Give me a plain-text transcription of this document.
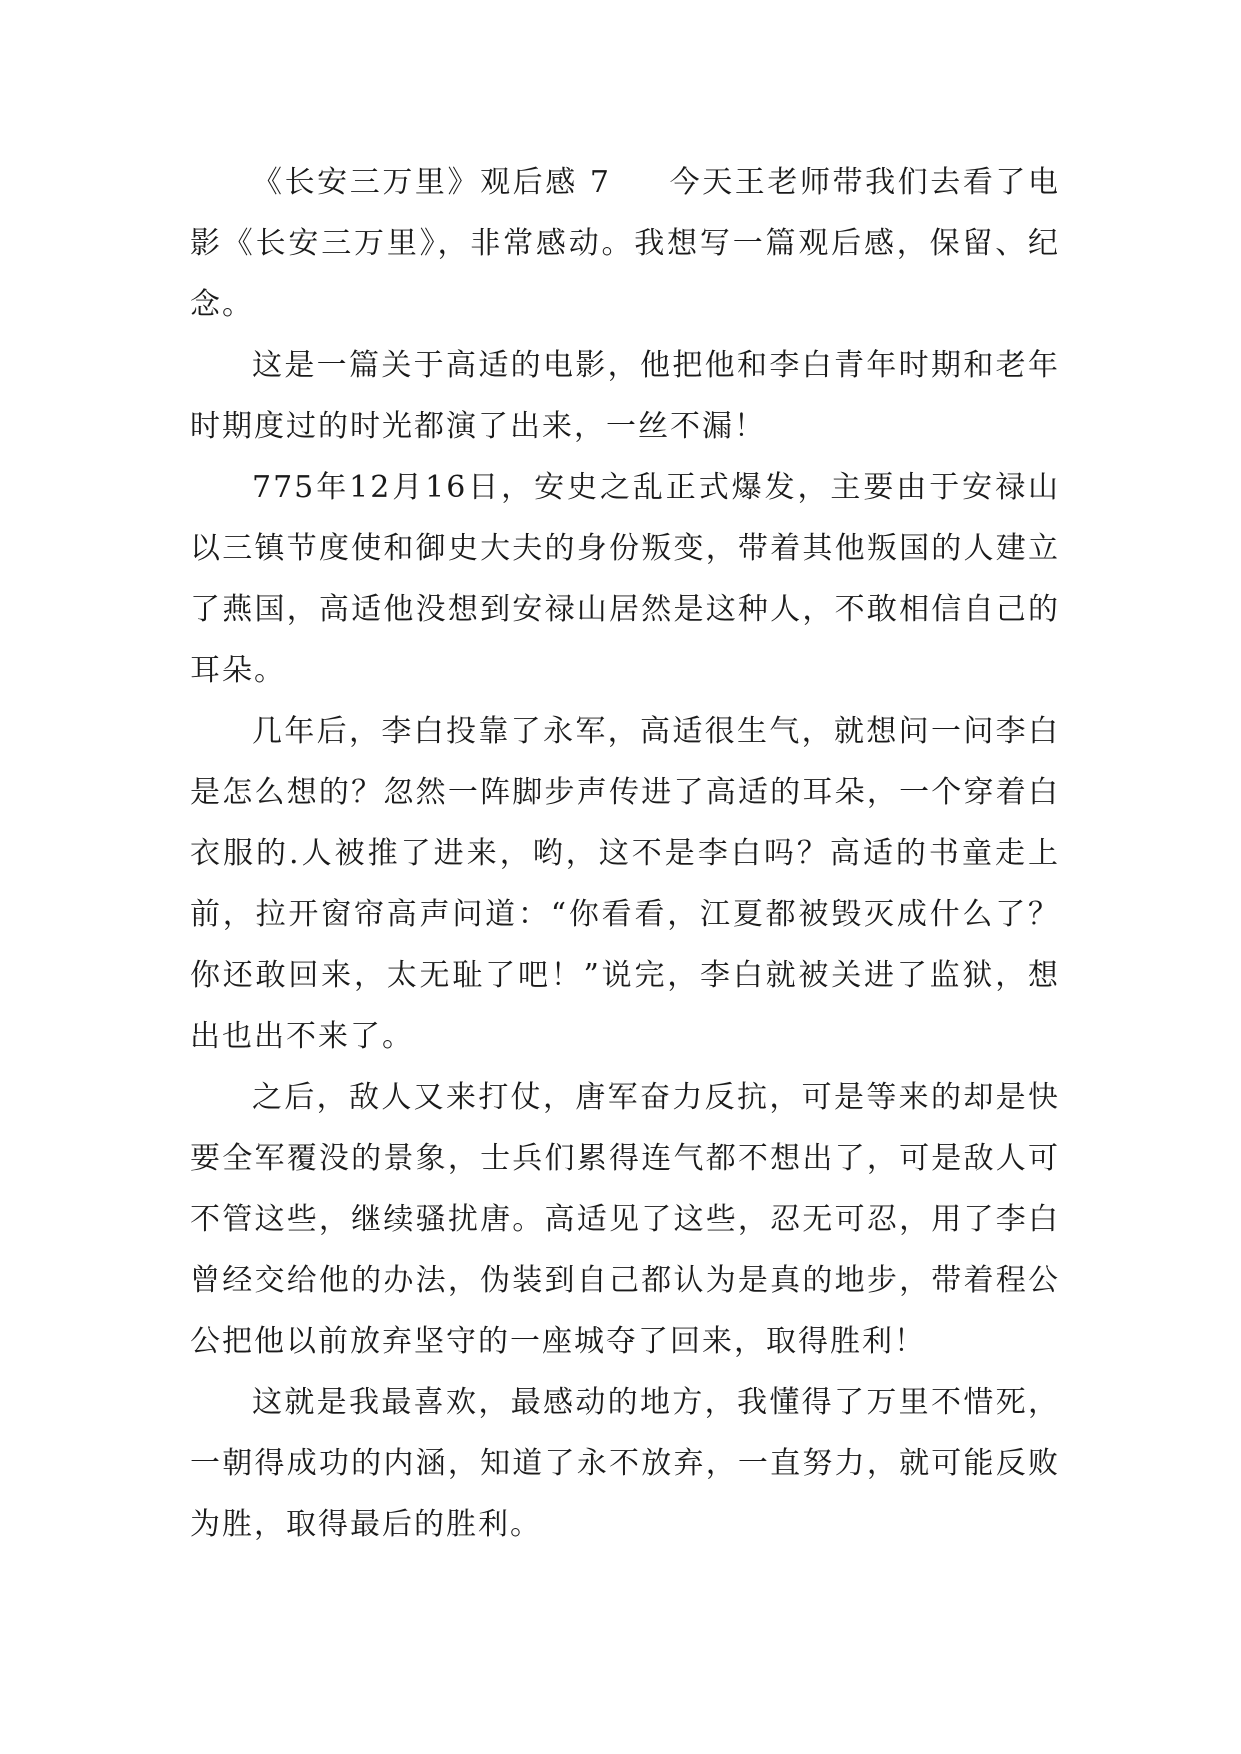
《长安三万里》观后感 7 今天王老师带我们去看了电影《长安三万里》，非常感动。我想写一篇观后感，保留、纪念。

这是一篇关于高适的电影，他把他和李白青年时期和老年时期度过的时光都演了出来，一丝不漏！

775年12月16日，安史之乱正式爆发，主要由于安禄山以三镇节度使和御史大夫的身份叛变，带着其他叛国的人建立了燕国，高适他没想到安禄山居然是这种人，不敢相信自己的耳朵。

几年后，李白投靠了永军，高适很生气，就想问一问李白是怎么想的？忽然一阵脚步声传进了高适的耳朵，一个穿着白衣服的.人被推了进来，哟，这不是李白吗？高适的书童走上前，拉开窗帘高声问道：“你看看，江夏都被毁灭成什么了？你还敢回来，太无耻了吧！”说完，李白就被关进了监狱，想出也出不来了。

之后，敌人又来打仗，唐军奋力反抗，可是等来的却是快要全军覆没的景象，士兵们累得连气都不想出了，可是敌人可不管这些，继续骚扰唐。高适见了这些，忍无可忍，用了李白曾经交给他的办法，伪装到自己都认为是真的地步，带着程公公把他以前放弃坚守的一座城夺了回来，取得胜利！

这就是我最喜欢，最感动的地方，我懂得了万里不惜死，一朝得成功的内涵，知道了永不放弃，一直努力，就可能反败为胜，取得最后的胜利。
